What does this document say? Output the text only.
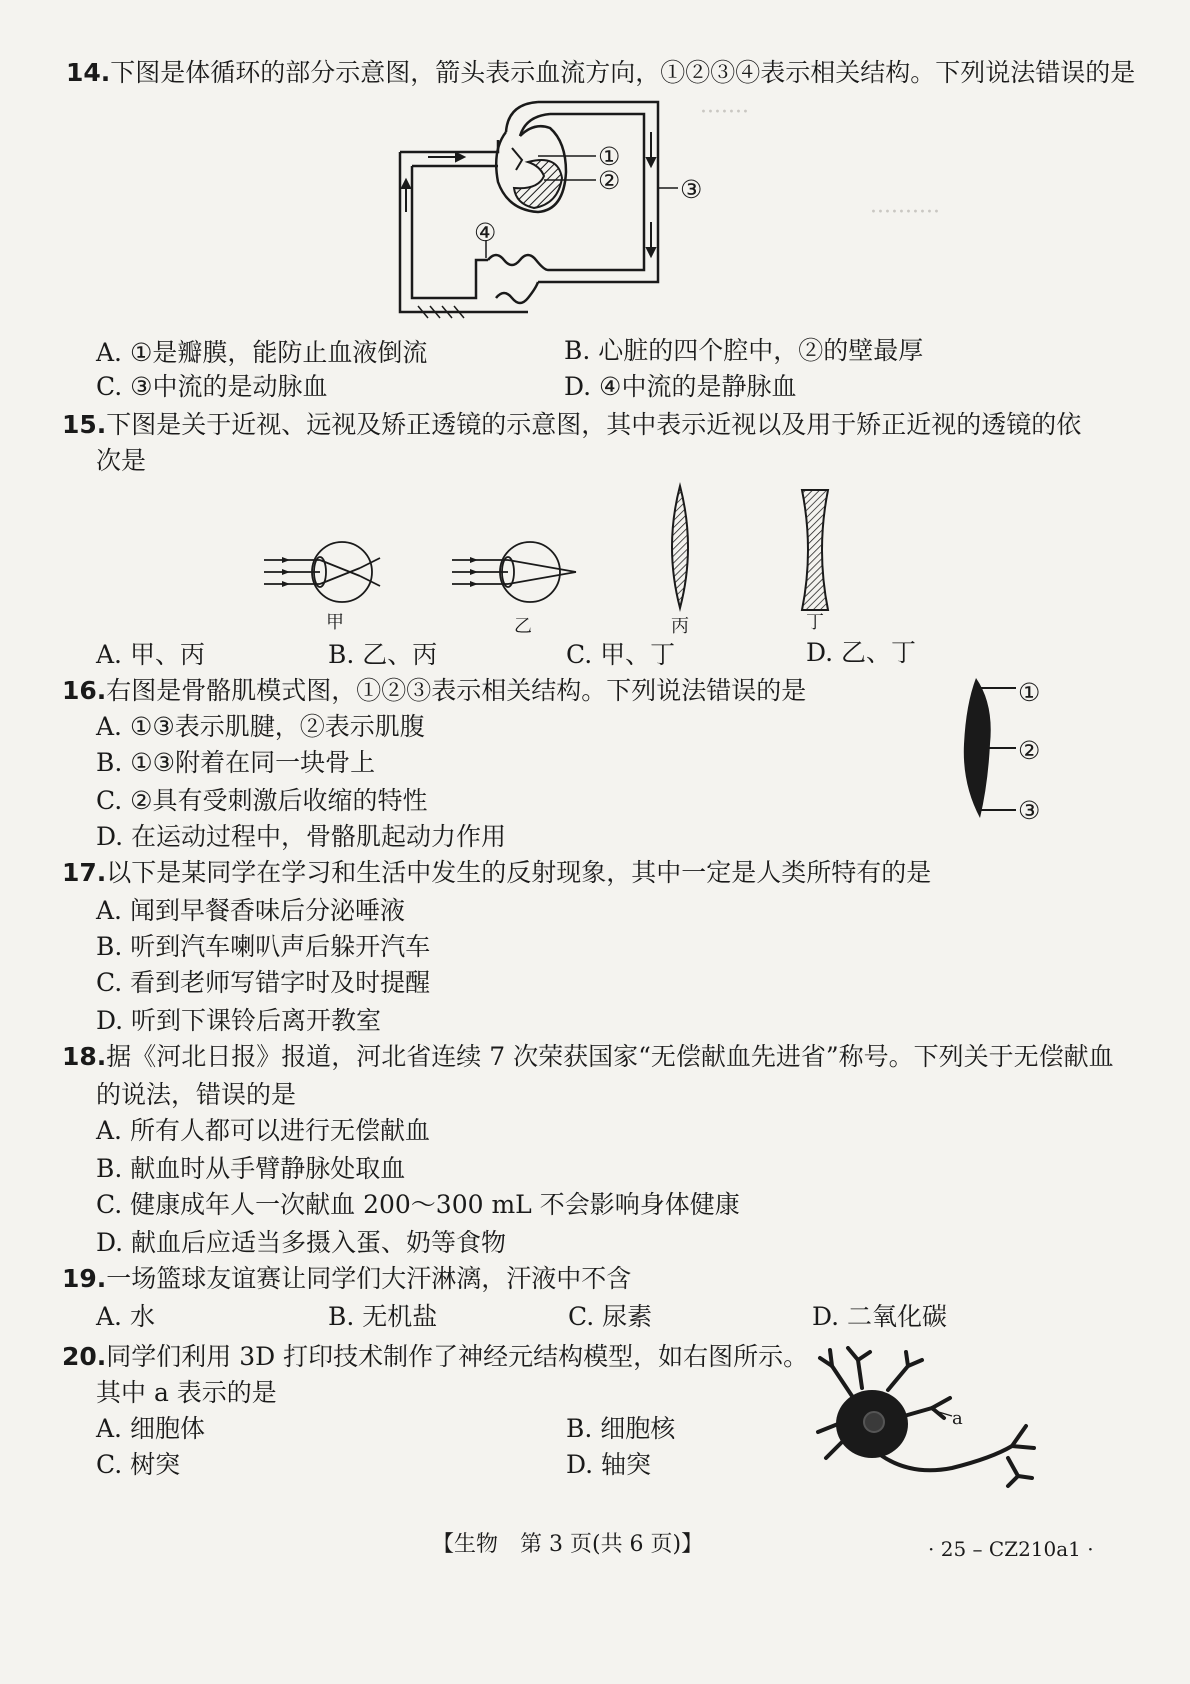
·······
··········
14.下图是体循环的部分示意图，箭头表示血流方向，①②③④表示相关结构。下列说法错误的是
①
② ③
④
A. ①是瓣膜，能防止血液倒流	B. 心脏的四个腔中，②的壁最厚
C. ③中流的是动脉血	D. ④中流的是静脉血
15.下图是关于近视、远视及矫正透镜的示意图，其中表示近视以及用于矫正近视的透镜的依
次是
甲	乙	丙	丁
A. 甲、丙	B. 乙、丙	C. 甲、丁	D. 乙、丁
16.右图是骨骼肌模式图，①②③表示相关结构。下列说法错误的是
A. ①③表示肌腱，②表示肌腹
B. ①③附着在同一块骨上
C. ②具有受刺激后收缩的特性
D. 在运动过程中，骨骼肌起动力作用
①
②
③
17.以下是某同学在学习和生活中发生的反射现象，其中一定是人类所特有的是
A. 闻到早餐香味后分泌唾液
B. 听到汽车喇叭声后躲开汽车
C. 看到老师写错字时及时提醒
D. 听到下课铃后离开教室
18.据《河北日报》报道，河北省连续 7 次荣获国家“无偿献血先进省”称号。下列关于无偿献血
的说法，错误的是
A. 所有人都可以进行无偿献血
B. 献血时从手臂静脉处取血
C. 健康成年人一次献血 200～300 mL 不会影响身体健康
D. 献血后应适当多摄入蛋、奶等食物
19.一场篮球友谊赛让同学们大汗淋漓，汗液中不含
A. 水	B. 无机盐	C. 尿素	D. 二氧化碳
20.同学们利用 3D 打印技术制作了神经元结构模型，如右图所示。
其中 a 表示的是
A. 细胞体	B. 细胞核
C. 树突	D. 轴突
a
【生物　第 3 页(共 6 页)】	· 25 – CZ210a1 ·
